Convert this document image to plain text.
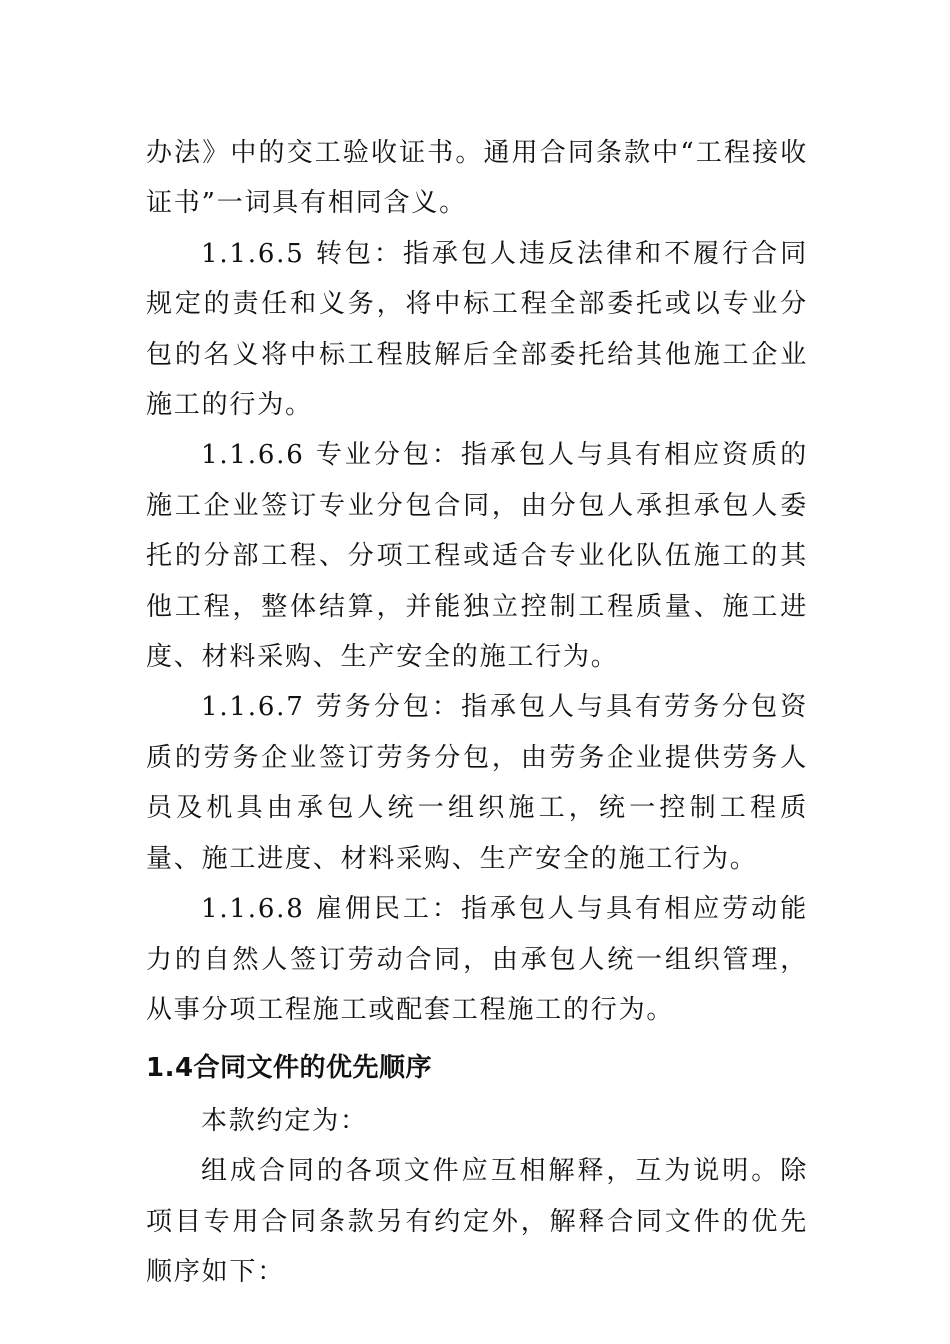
办法》中的交工验收证书。通用合同条款中“工程接收证书”一词具有相同含义。

1.1.6.5 转包：指承包人违反法律和不履行合同规定的责任和义务，将中标工程全部委托或以专业分包的名义将中标工程肢解后全部委托给其他施工企业施工的行为。

1.1.6.6 专业分包：指承包人与具有相应资质的施工企业签订专业分包合同，由分包人承担承包人委托的分部工程、分项工程或适合专业化队伍施工的其他工程，整体结算，并能独立控制工程质量、施工进度、材料采购、生产安全的施工行为。

1.1.6.7 劳务分包：指承包人与具有劳务分包资质的劳务企业签订劳务分包，由劳务企业提供劳务人员及机具由承包人统一组织施工，统一控制工程质量、施工进度、材料采购、生产安全的施工行为。

1.1.6.8 雇佣民工：指承包人与具有相应劳动能力的自然人签订劳动合同，由承包人统一组织管理，从事分项工程施工或配套工程施工的行为。

1.4合同文件的优先顺序

本款约定为：

组成合同的各项文件应互相解释，互为说明。除项目专用合同条款另有约定外，解释合同文件的优先顺序如下：
